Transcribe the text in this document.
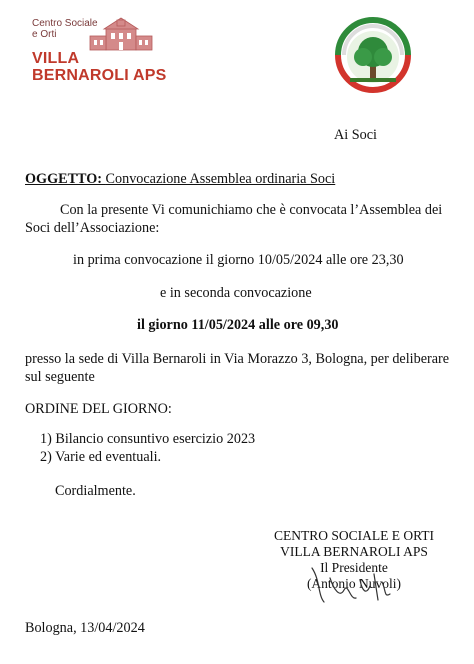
Centro Sociale
e Orti
VILLA
BERNAROLI APS
Ai Soci
OGGETTO: Convocazione Assemblea ordinaria Soci
Con la presente Vi comunichiamo che è convocata l’Assemblea dei
Soci dell’Associazione:
in prima convocazione il giorno 10/05/2024 alle ore 23,30
e in seconda convocazione
il giorno 11/05/2024 alle ore 09,30
presso la sede di Villa Bernaroli in Via Morazzo 3, Bologna, per deliberare
sul seguente
ORDINE DEL GIORNO:
1) Bilancio consuntivo esercizio 2023
2) Varie ed eventuali.
Cordialmente.
CENTRO SOCIALE E ORTI
VILLA BERNAROLI APS
Il Presidente
(Antonio Nuvoli)
Bologna, 13/04/2024
